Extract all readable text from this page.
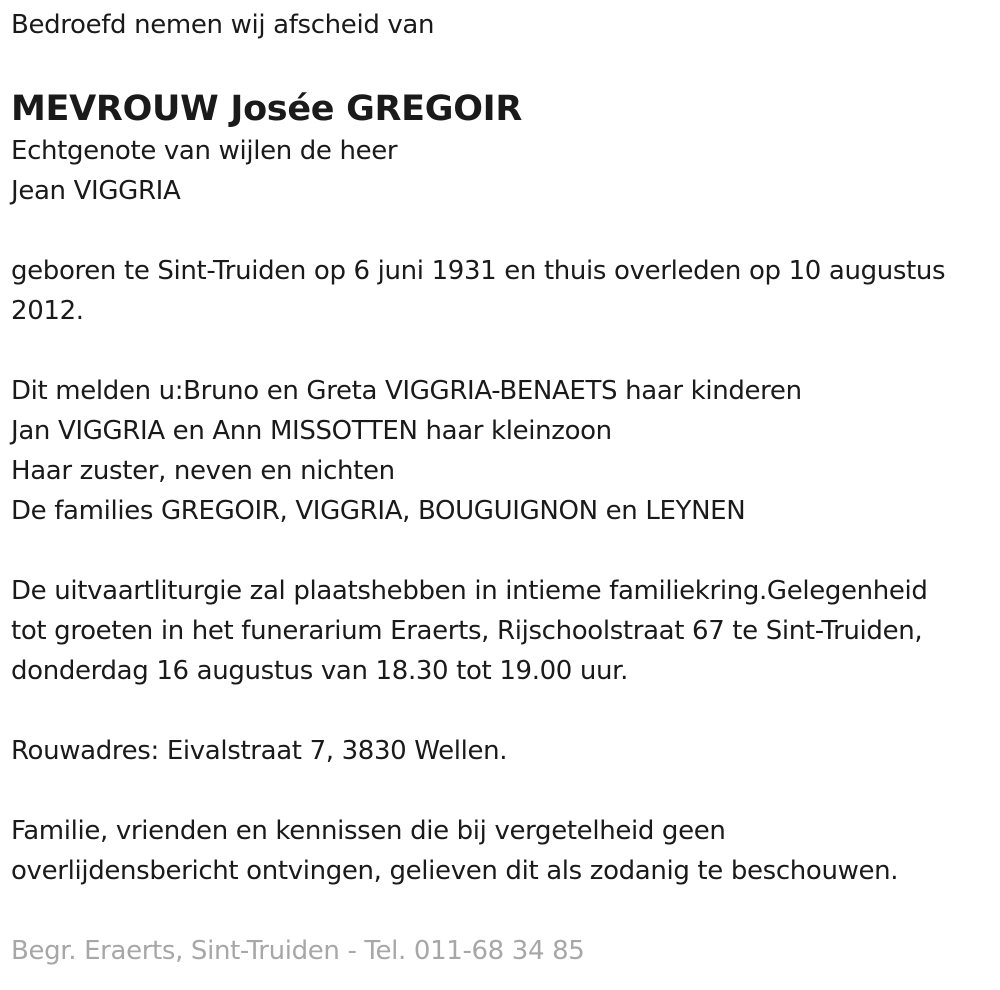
Bedroefd nemen wij afscheid van
MEVROUW Josée GREGOIR
Echtgenote van wijlen de heer
Jean VIGGRIA
geboren te Sint-Truiden op 6 juni 1931 en thuis overleden op 10 augustus
2012.
Dit melden u:Bruno en Greta VIGGRIA-BENAETS haar kinderen
Jan VIGGRIA en Ann MISSOTTEN haar kleinzoon
Haar zuster, neven en nichten
De families GREGOIR, VIGGRIA, BOUGUIGNON en LEYNEN
De uitvaartliturgie zal plaatshebben in intieme familiekring.Gelegenheid
tot groeten in het funerarium Eraerts, Rijschoolstraat 67 te Sint-Truiden,
donderdag 16 augustus van 18.30 tot 19.00 uur.
Rouwadres: Eivalstraat 7, 3830 Wellen.
Familie, vrienden en kennissen die bij vergetelheid geen
overlijdensbericht ontvingen, gelieven dit als zodanig te beschouwen.
Begr. Eraerts, Sint-Truiden - Tel. 011-68 34 85
